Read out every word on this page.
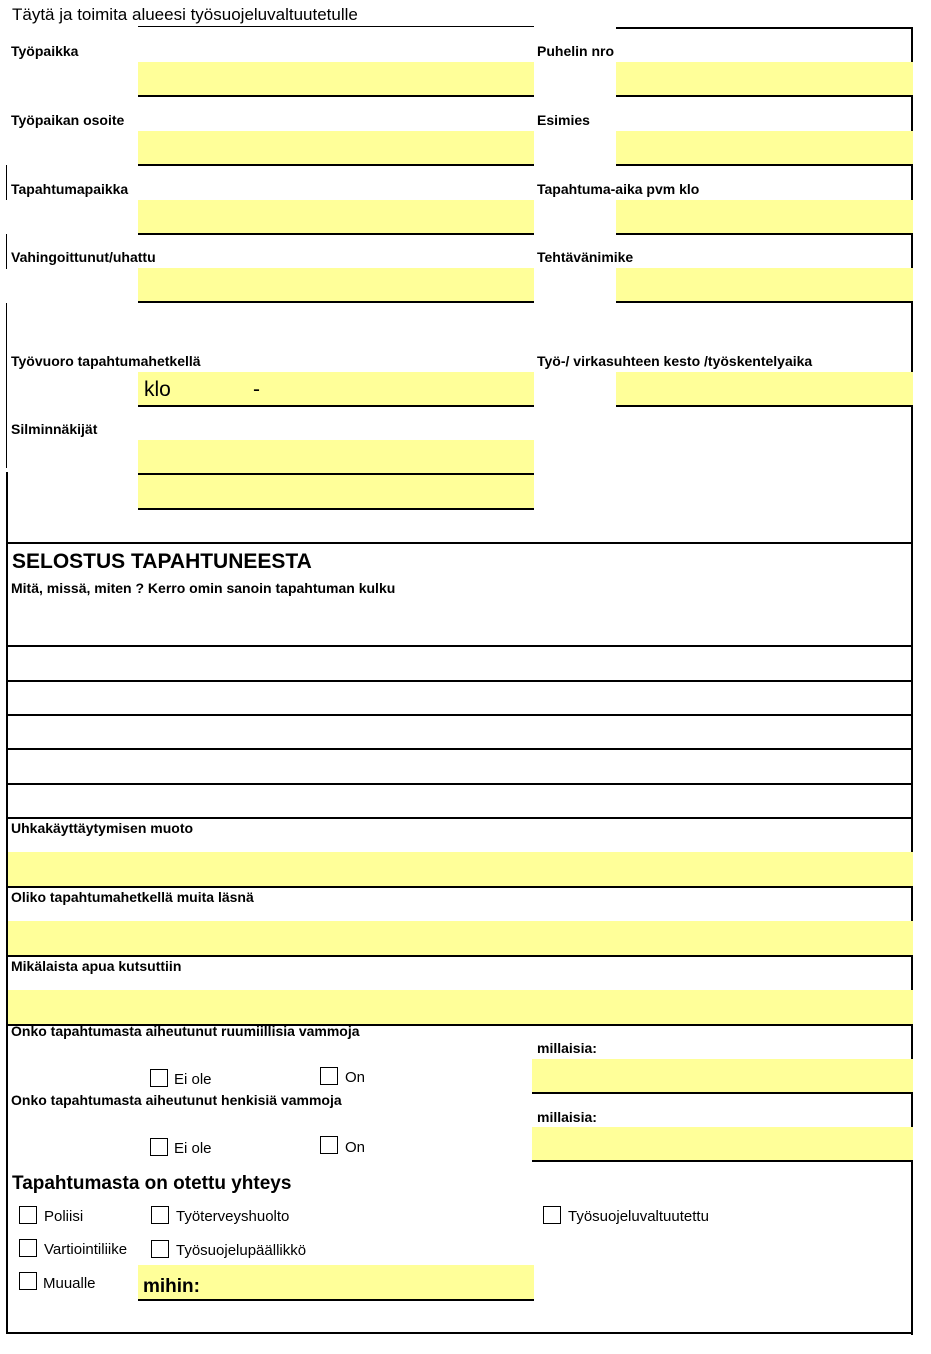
Täytä ja toimita alueesi työsuojeluvaltuutetulle
Työpaikka	Puhelin nro
Työpaikan osoite	Esimies
Tapahtumapaikka	Tapahtuma-aika pvm klo
Vahingoittunut/uhattu	Tehtävänimike
Työvuoro tapahtumahetkellä
klo	-
Työ-/ virkasuhteen kesto /työskentelyaika
Silminnäkijät
SELOSTUS TAPAHTUNEESTA
Mitä, missä, miten ? Kerro omin sanoin tapahtuman kulku
Uhkakäyttäytymisen muoto
Oliko tapahtumahetkellä muita läsnä
Mikälaista apua kutsuttiin
Onko tapahtumasta aiheutunut ruumiillisia vammoja
Ei ole	On
millaisia:
Onko tapahtumasta aiheutunut henkisiä vammoja
Ei ole	On
millaisia:
Tapahtumasta on otettu yhteys
Poliisi	Työterveyshuolto	Työsuojeluvaltuutettu
Vartiointiliike	Työsuojelupäällikkö
Muualle mihin:
